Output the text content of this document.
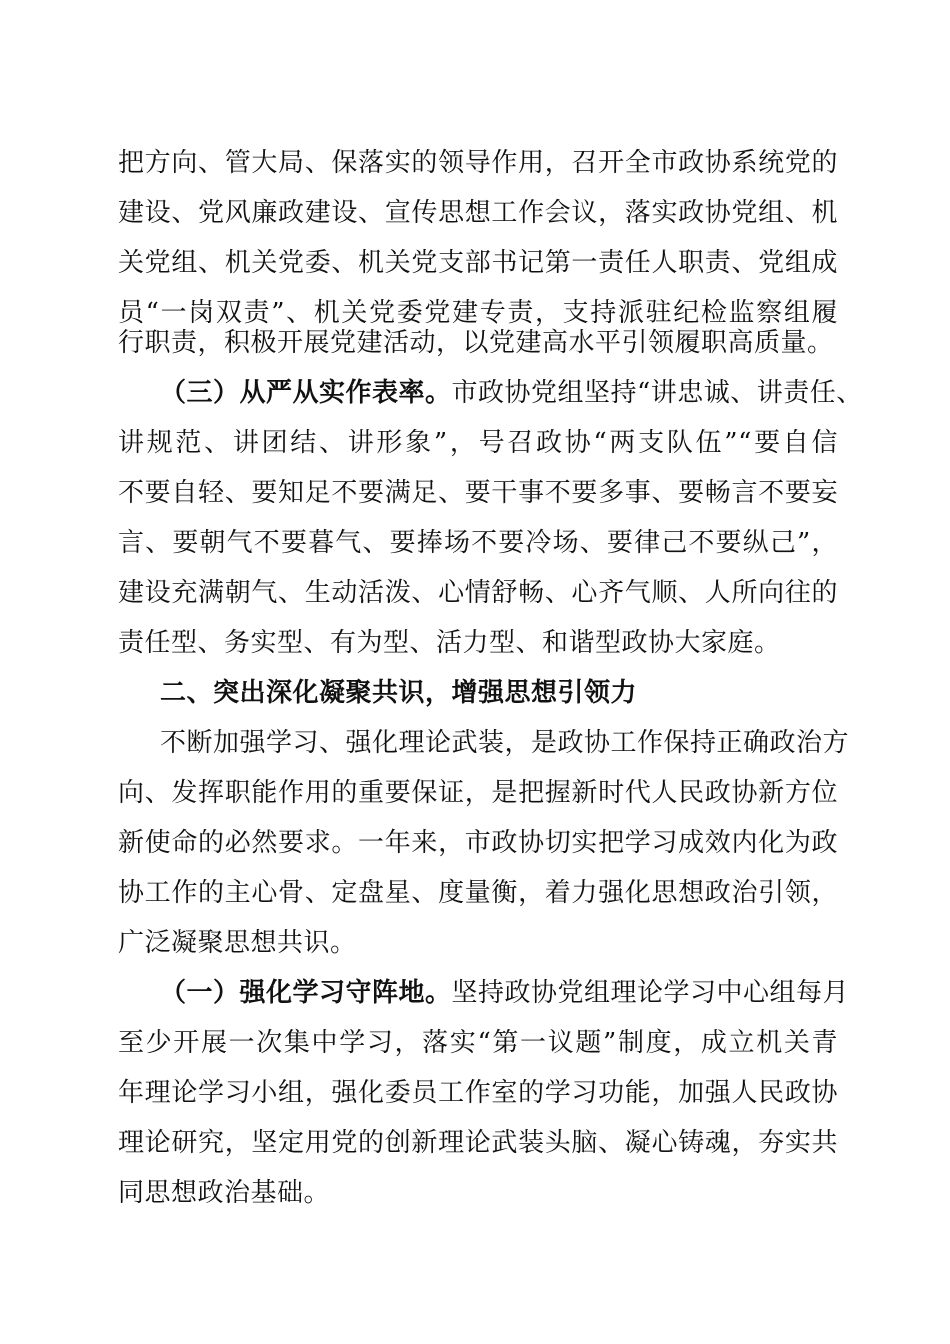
把方向、管大局、保落实的领导作用，召开全市政协系统党的
建设、党风廉政建设、宣传思想工作会议，落实政协党组、机
关党组、机关党委、机关党支部书记第一责任人职责、党组成
员“一岗双责”、机关党委党建专责，支持派驻纪检监察组履
行职责，积极开展党建活动，以党建高水平引领履职高质量。
（三）从严从实作表率。市政协党组坚持“讲忠诚、讲责任、
讲规范、讲团结、讲形象”，号召政协“两支队伍”“要自信
不要自轻、要知足不要满足、要干事不要多事、要畅言不要妄
言、要朝气不要暮气、要捧场不要冷场、要律己不要纵己”，
建设充满朝气、生动活泼、心情舒畅、心齐气顺、人所向往的
责任型、务实型、有为型、活力型、和谐型政协大家庭。
二、突出深化凝聚共识，增强思想引领力
不断加强学习、强化理论武装，是政协工作保持正确政治方
向、发挥职能作用的重要保证，是把握新时代人民政协新方位
新使命的必然要求。一年来，市政协切实把学习成效内化为政
协工作的主心骨、定盘星、度量衡，着力强化思想政治引领，
广泛凝聚思想共识。
（一）强化学习守阵地。坚持政协党组理论学习中心组每月
至少开展一次集中学习，落实“第一议题”制度，成立机关青
年理论学习小组，强化委员工作室的学习功能，加强人民政协
理论研究，坚定用党的创新理论武装头脑、凝心铸魂，夯实共
同思想政治基础。
